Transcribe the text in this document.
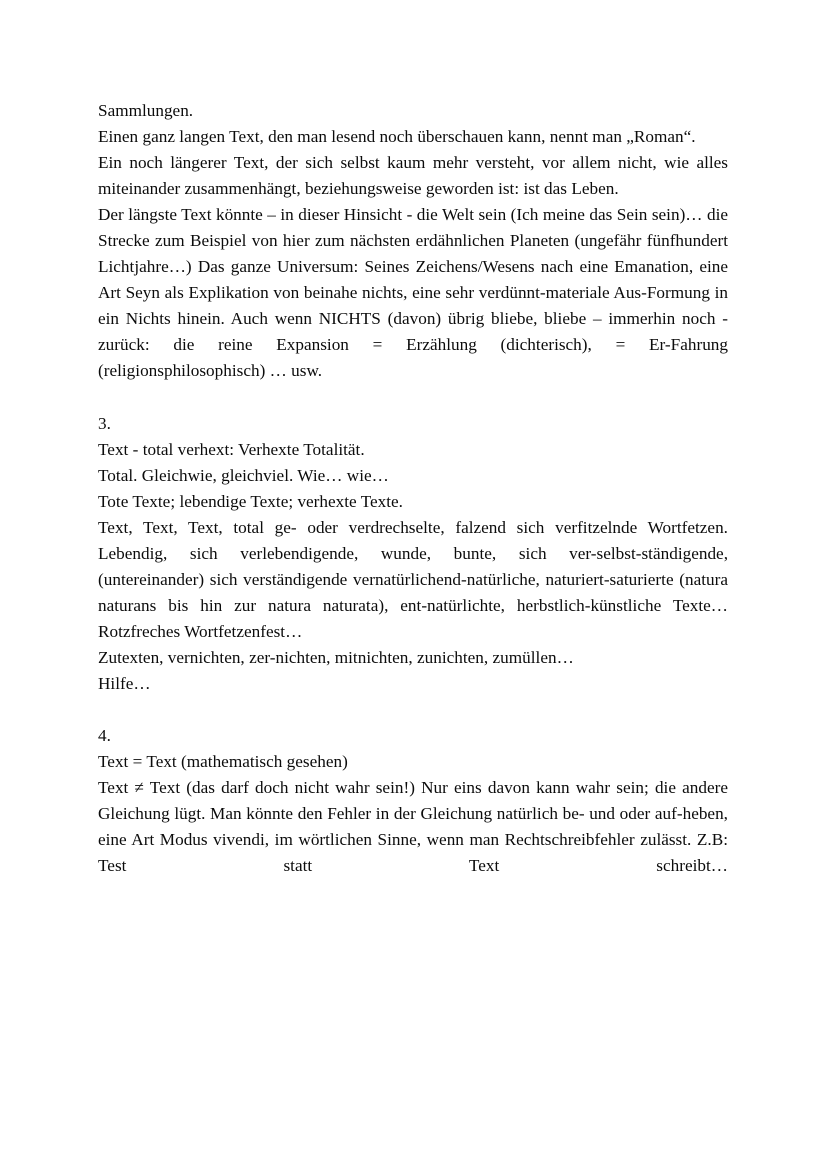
Sammlungen.

Einen ganz langen Text, den man lesend noch überschauen kann, nennt man „Roman“.

Ein noch längerer Text, der sich selbst kaum mehr versteht, vor allem nicht, wie alles miteinander zusammenhängt, beziehungsweise geworden ist: ist das Leben.

Der längste Text könnte – in dieser Hinsicht - die Welt sein (Ich meine das Sein sein)… die Strecke zum Beispiel von hier zum nächsten erdähnlichen Planeten (ungefähr fünfhundert Lichtjahre…) Das ganze Universum: Seines Zeichens/Wesens nach eine Emanation, eine Art Seyn als Explikation von beinahe nichts, eine sehr verdünnt-materiale Aus-Formung in ein Nichts hinein. Auch wenn NICHTS (davon) übrig bliebe, bliebe – immerhin noch - zurück: die reine Expansion = Erzählung (dichterisch), = Er-Fahrung (religionsphilosophisch) … usw.

3.

Text - total verhext: Verhexte Totalität.

Total. Gleichwie, gleichviel. Wie… wie…

Tote Texte; lebendige Texte; verhexte Texte.

Text, Text, Text, total ge- oder verdrechselte, falzend sich verfitzelnde Wortfetzen. Lebendig, sich verlebendigende, wunde, bunte, sich ver-selbst-ständigende, (untereinander) sich verständigende vernatürlichend-natürliche, naturiert-saturierte (natura naturans bis hin zur natura naturata), ent-natürlichte, herbstlich-künstliche Texte… Rotzfreches Wortfetzenfest…

Zutexten, vernichten, zer-nichten, mitnichten, zunichten, zumüllen…

Hilfe…

4.

Text = Text (mathematisch gesehen)

Text ≠ Text (das darf doch nicht wahr sein!) Nur eins davon kann wahr sein; die andere Gleichung lügt. Man könnte den Fehler in der Gleichung natürlich be- und oder auf-heben, eine Art Modus vivendi, im wörtlichen Sinne, wenn man Rechtschreibfehler zulässt. Z.B: Test statt Text schreibt…
